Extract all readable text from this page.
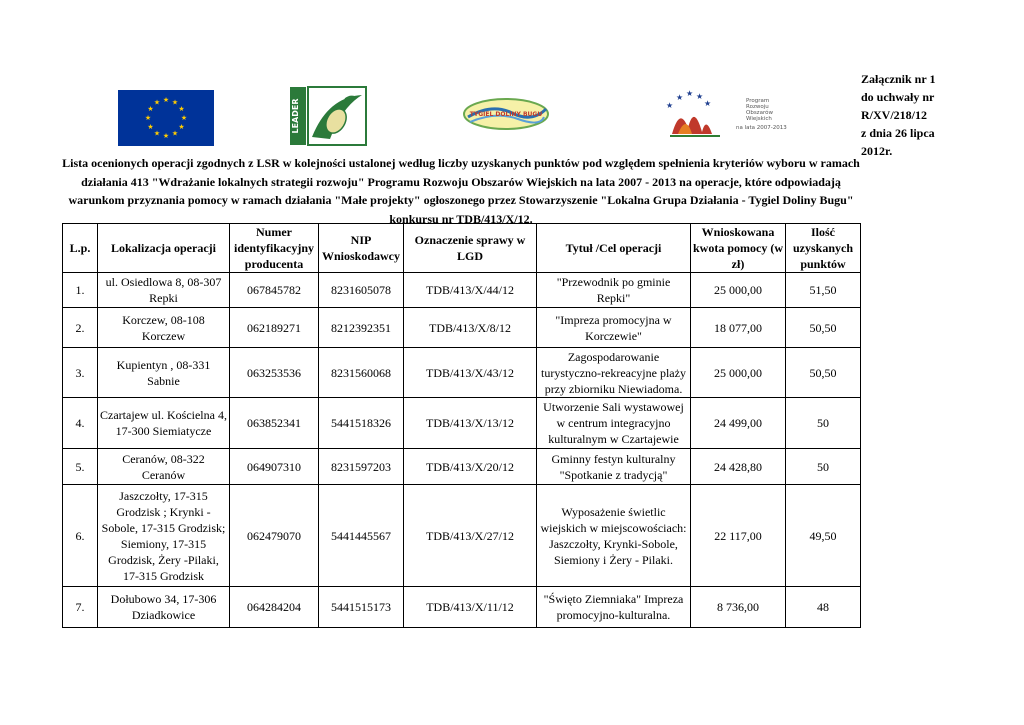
Załącznik nr 1
do uchwały nr
R/XV/218/12
z dnia 26 lipca
2012r.
★ ★
★
★
★
★
★
★
★
★
★
★	LEADER	TYGIEL DOLINY BUGU
★ ★ ★
★	★	Program
Rozwoju
Obszarów
Wiejskich
na lata 2007-2013
Lista ocenionych operacji zgodnych z LSR w kolejności ustalonej według liczby uzyskanych punktów pod względem spełnienia kryteriów wyboru w ramach działania 413 "Wdrażanie lokalnych strategii rozwoju" Programu Rozwoju Obszarów Wiejskich na lata 2007 - 2013 na operacje, które odpowiadają warunkom przyznania pomocy w ramach działania "Małe projekty" ogłoszonego przez Stowarzyszenie "Lokalna Grupa Działania - Tygiel Doliny Bugu" konkursu nr TDB/413/X/12.
L.p.	Lokalizacja operacji	Numer identyfikacyjny producenta	NIP Wnioskodawcy	Oznaczenie sprawy w LGD	Tytuł /Cel operacji	Wnioskowana kwota pomocy (w zł)	Ilość uzyskanych punktów
1.	ul. Osiedlowa 8, 08-307 Repki	067845782	8231605078	TDB/413/X/44/12	"Przewodnik po gminie Repki"	25 000,00	51,50
2.	Korczew, 08-108 Korczew	062189271	8212392351	TDB/413/X/8/12	"Impreza promocyjna w Korczewie"	18 077,00	50,50
3.	Kupientyn , 08-331 Sabnie	063253536	8231560068	TDB/413/X/43/12	Zagospodarowanie turystyczno-rekreacyjne plaży przy zbiorniku Niewiadoma.	25 000,00	50,50
4.	Czartajew ul. Kościelna 4, 17-300 Siemiatycze	063852341	5441518326	TDB/413/X/13/12	Utworzenie Sali wystawowej w centrum integracyjno kulturalnym w Czartajewie	24 499,00	50
5.	Ceranów, 08-322 Ceranów	064907310	8231597203	TDB/413/X/20/12	Gminny festyn kulturalny "Spotkanie z tradycją"	24 428,80	50
6.	Jaszczołty, 17-315 Grodzisk ; Krynki - Sobole, 17-315 Grodzisk; Siemiony, 17-315 Grodzisk, Żery -Pilaki, 17-315 Grodzisk	062479070	5441445567	TDB/413/X/27/12	Wyposażenie świetlic wiejskich w miejscowościach: Jaszczołty, Krynki-Sobole, Siemiony i Żery - Pilaki.	22 117,00	49,50
7.	Dołubowo 34, 17-306 Dziadkowice	064284204	5441515173	TDB/413/X/11/12	"Święto Ziemniaka" Impreza promocyjno-kulturalna.	8 736,00	48
